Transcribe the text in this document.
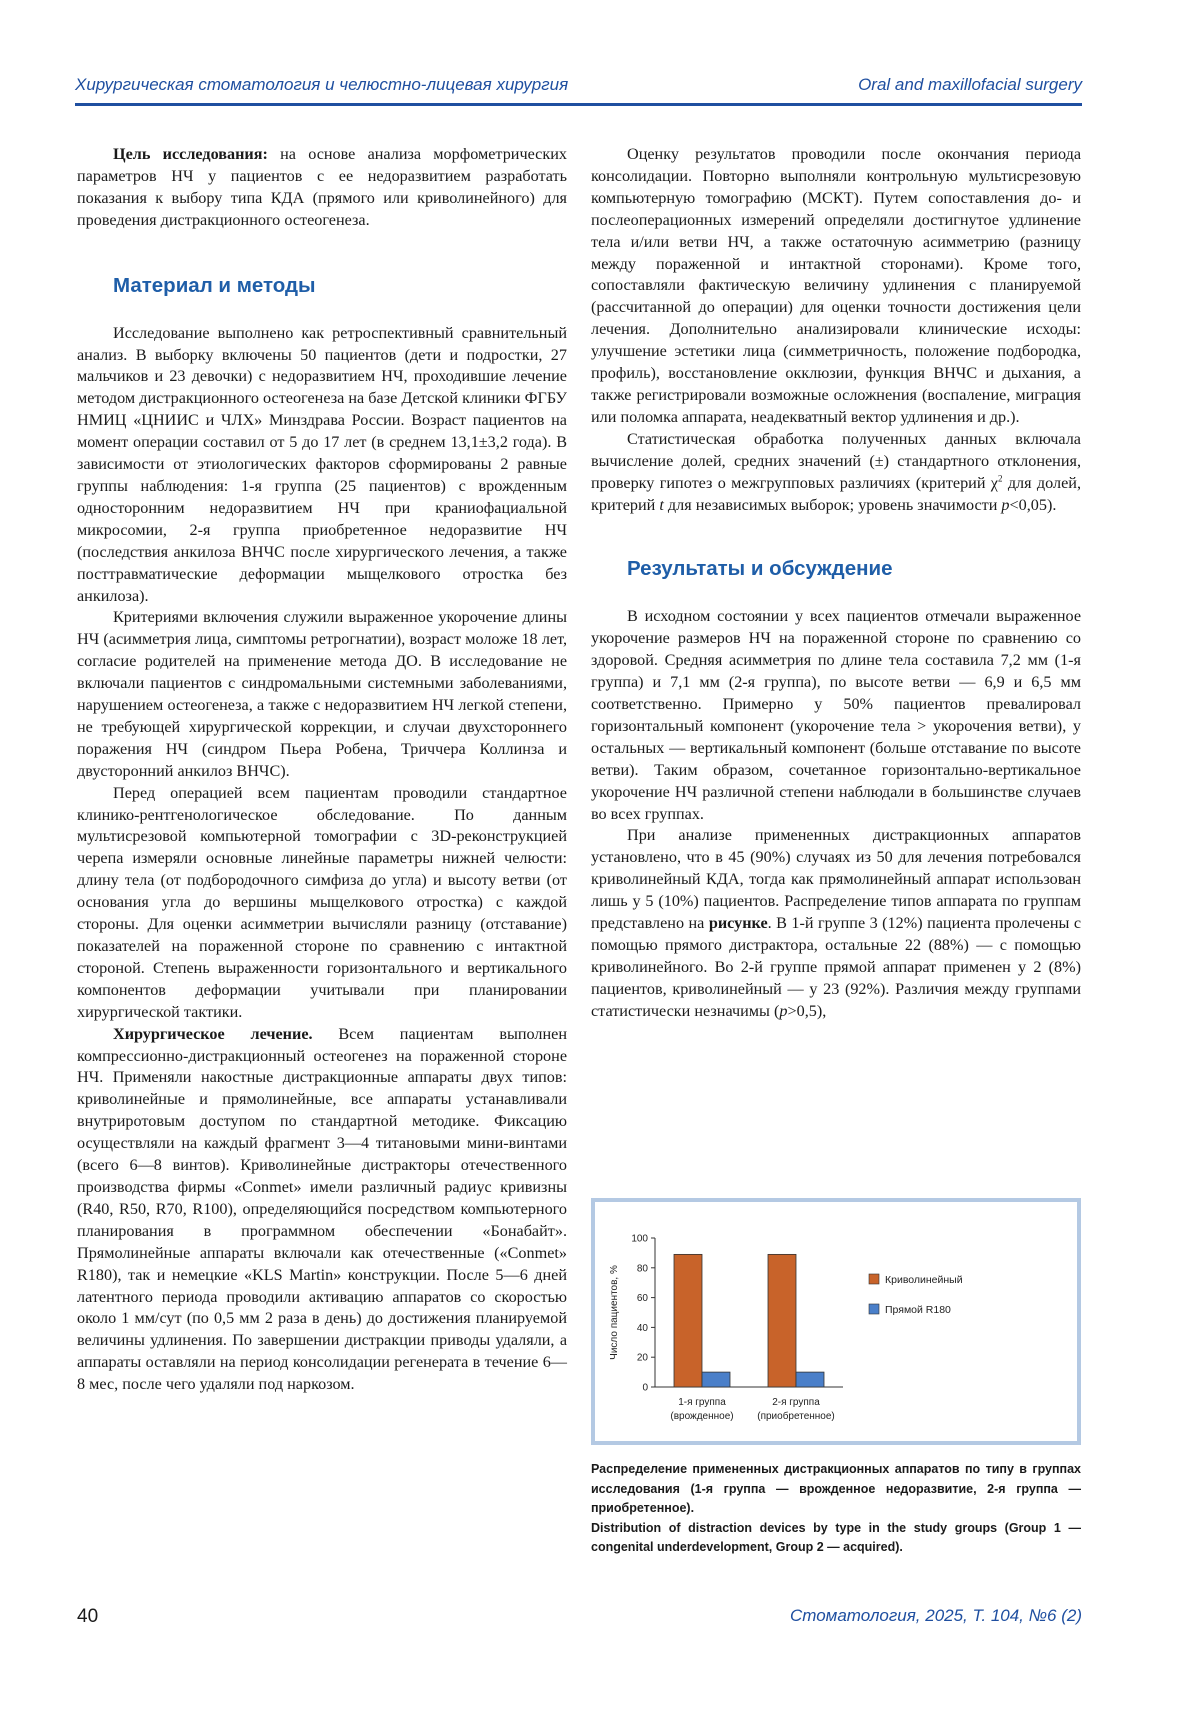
Хирургическая стоматология и челюстно-лицевая хирургия	Oral and maxillofacial surgery

Цель исследования: на основе анализа морфометрических параметров НЧ у пациентов с ее недоразвитием разработать показания к выбору типа КДА (прямого или криволинейного) для проведения дистракционного остеогенеза.

Материал и методы

Исследование выполнено как ретроспективный сравнительный анализ. В выборку включены 50 пациентов (дети и подростки, 27 мальчиков и 23 девочки) с недоразвитием НЧ, проходившие лечение методом дистракционного остеогенеза на базе Детской клиники ФГБУ НМИЦ «ЦНИИС и ЧЛХ» Минздрава России. Возраст пациентов на момент операции составил от 5 до 17 лет (в среднем 13,1±3,2 года). В зависимости от этиологических факторов сформированы 2 равные группы наблюдения: 1-я группа (25 пациентов) с врожденным односторонним недоразвитием НЧ при краниофациальной микросомии, 2-я группа приобретенное недоразвитие НЧ (последствия анкилоза ВНЧС после хирургического лечения, а также посттравматические деформации мыщелкового отростка без анкилоза).

Критериями включения служили выраженное укорочение длины НЧ (асимметрия лица, симптомы ретрогнатии), возраст моложе 18 лет, согласие родителей на применение метода ДО. В исследование не включали пациентов с синдромальными системными заболеваниями, нарушением остеогенеза, а также с недоразвитием НЧ легкой степени, не требующей хирургической коррекции, и случаи двухстороннего поражения НЧ (синдром Пьера Робена, Триччера Коллинза и двусторонний анкилоз ВНЧС).

Перед операцией всем пациентам проводили стандартное клинико-рентгенологическое обследование. По данным мультисрезовой компьютерной томографии с 3D-реконструкцией черепа измеряли основные линейные параметры нижней челюсти: длину тела (от подбородочного симфиза до угла) и высоту ветви (от основания угла до вершины мыщелкового отростка) с каждой стороны. Для оценки асимметрии вычисляли разницу (отставание) показателей на пораженной стороне по сравнению с интактной стороной. Степень выраженности горизонтального и вертикального компонентов деформации учитывали при планировании хирургической тактики.

Хирургическое лечение. Всем пациентам выполнен компрессионно-дистракционный остеогенез на пораженной стороне НЧ. Применяли накостные дистракционные аппараты двух типов: криволинейные и прямолинейные, все аппараты устанавливали внутриротовым доступом по стандартной методике. Фиксацию осуществляли на каждый фрагмент 3—4 титановыми мини-винтами (всего 6—8 винтов). Криволинейные дистракторы отечественного производства фирмы «Conmet» имели различный радиус кривизны (R40, R50, R70, R100), определяющийся посредством компьютерного планирования в программном обеспечении «Бонабайт». Прямолинейные аппараты включали как отечественные («Conmet» R180), так и немецкие «KLS Martin» конструкции. После 5—6 дней латентного периода проводили активацию аппаратов со скоростью около 1 мм/сут (по 0,5 мм 2 раза в день) до достижения планируемой величины удлинения. По завершении дистракции приводы удаляли, а аппараты оставляли на период консолидации регенерата в течение 6—8 мес, после чего удаляли под наркозом.

Оценку результатов проводили после окончания периода консолидации. Повторно выполняли контрольную мультисрезовую компьютерную томографию (МСКТ). Путем сопоставления до- и послеоперационных измерений определяли достигнутое удлинение тела и/или ветви НЧ, а также остаточную асимметрию (разницу между пораженной и интактной сторонами). Кроме того, сопоставляли фактическую величину удлинения с планируемой (рассчитанной до операции) для оценки точности достижения цели лечения. Дополнительно анализировали клинические исходы: улучшение эстетики лица (симметричность, положение подбородка, профиль), восстановление окклюзии, функция ВНЧС и дыхания, а также регистрировали возможные осложнения (воспаление, миграция или поломка аппарата, неадекватный вектор удлинения и др.).

Статистическая обработка полученных данных включала вычисление долей, средних значений (±) стандартного отклонения, проверку гипотез о межгрупповых различиях (критерий $\chi^2$ для долей, критерий t для независимых выборок; уровень значимости p<0,05).

Результаты и обсуждение

В исходном состоянии у всех пациентов отмечали выраженное укорочение размеров НЧ на пораженной стороне по сравнению со здоровой. Средняя асимметрия по длине тела составила 7,2 мм (1-я группа) и 7,1 мм (2-я группа), по высоте ветви — 6,9 и 6,5 мм соответственно. Примерно у 50% пациентов превалировал горизонтальный компонент (укорочение тела > укорочения ветви), у остальных — вертикальный компонент (больше отставание по высоте ветви). Таким образом, сочетанное горизонтально-вертикальное укорочение НЧ различной степени наблюдали в большинстве случаев во всех группах.

При анализе примененных дистракционных аппаратов установлено, что в 45 (90%) случаях из 50 для лечения потребовался криволинейный КДА, тогда как прямолинейный аппарат использован лишь у 5 (10%) пациентов. Распределение типов аппарата по группам представлено на рисунке. В 1-й группе 3 (12%) пациента пролечены с помощью прямого дистрактора, остальные 22 (88%) — с помощью криволинейного. Во 2-й группе прямой аппарат применен у 2 (8%) пациентов, криволинейный — у 23 (92%). Различия между группами статистически незначимы (p>0,5),

0
20
40
60
80
100
Число пациентов, %
1-я группа
(врожденное)
2-я группа
(приобретенное)
Криволинейный
Прямой R180

Распределение примененных дистракционных аппаратов по типу в группах исследования (1-я группа — врожденное недоразвитие, 2-я группа — приобретенное).

Distribution of distraction devices by type in the study groups (Group 1 — congenital underdevelopment, Group 2 — acquired).

40	Стоматология, 2025, Т. 104, №6 (2)
